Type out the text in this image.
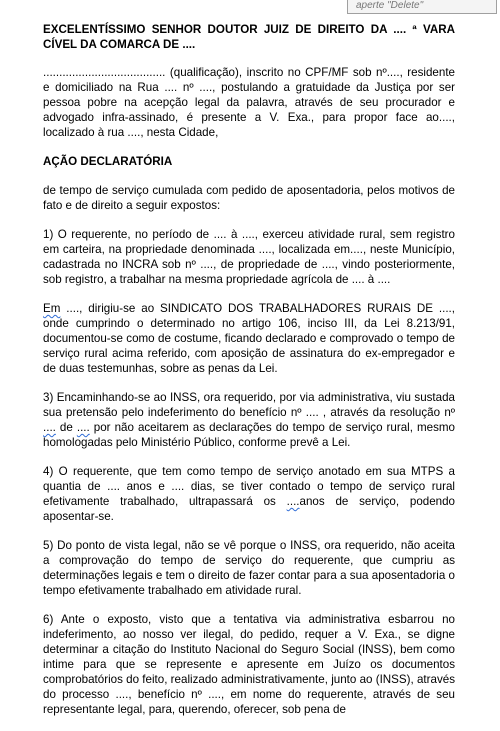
aperte "Delete"
EXCELENTÍSSIMO SENHOR DOUTOR JUIZ DE DIREITO DA .... ª VARA CÍVEL DA COMARCA DE ....

...................................... (qualificação), inscrito no CPF/MF sob nº...., residente e domiciliado na Rua .... nº ...., postulando a gratuidade da Justiça por ser pessoa pobre na acepção legal da palavra, através de seu procurador e advogado infra-assinado, é presente a V. Exa., para propor face ao...., localizado à rua ...., nesta Cidade,

AÇÃO DECLARATÓRIA

de tempo de serviço cumulada com pedido de aposentadoria, pelos motivos de fato e de direito a seguir expostos:

1) O requerente, no período de .... à ...., exerceu atividade rural, sem registro em carteira, na propriedade denominada ...., localizada em...., neste Município, cadastrada no INCRA sob nº ...., de propriedade de ...., vindo posteriormente, sob registro, a trabalhar na mesma propriedade agrícola de .... à ....

Em ...., dirigiu-se ao SINDICATO DOS TRABALHADORES RURAIS DE ...., onde cumprindo o determinado no artigo 106, inciso III, da Lei 8.213/91, documentou-se como de costume, ficando declarado e comprovado o tempo de serviço rural acima referido, com aposição de assinatura do ex-empregador e de duas testemunhas, sobre as penas da Lei.

3) Encaminhando-se ao INSS, ora requerido, por via administrativa, viu sustada sua pretensão pelo indeferimento do benefício nº .... , através da resolução nº .... de .... por não aceitarem as declarações do tempo de serviço rural, mesmo homologadas pelo Ministério Público, conforme prevê a Lei.

4) O requerente, que tem como tempo de serviço anotado em sua MTPS a quantia de .... anos e .... dias, se tiver contado o tempo de serviço rural efetivamente trabalhado, ultrapassará os ....anos de serviço, podendo aposentar-se.

5) Do ponto de vista legal, não se vê porque o INSS, ora requerido, não aceita a comprovação do tempo de serviço do requerente, que cumpriu as determinações legais e tem o direito de fazer contar para a sua aposentadoria o tempo efetivamente trabalhado em atividade rural.

6) Ante o exposto, visto que a tentativa via administrativa esbarrou no indeferimento, ao nosso ver ilegal, do pedido, requer a V. Exa., se digne determinar a citação do Instituto Nacional do Seguro Social (INSS), bem como intime para que se represente e apresente em Juízo os documentos comprobatórios do feito, realizado administrativamente, junto ao (INSS), através do processo ...., benefício nº ...., em nome do requerente, através de seu representante legal, para, querendo, oferecer, sob pena de
